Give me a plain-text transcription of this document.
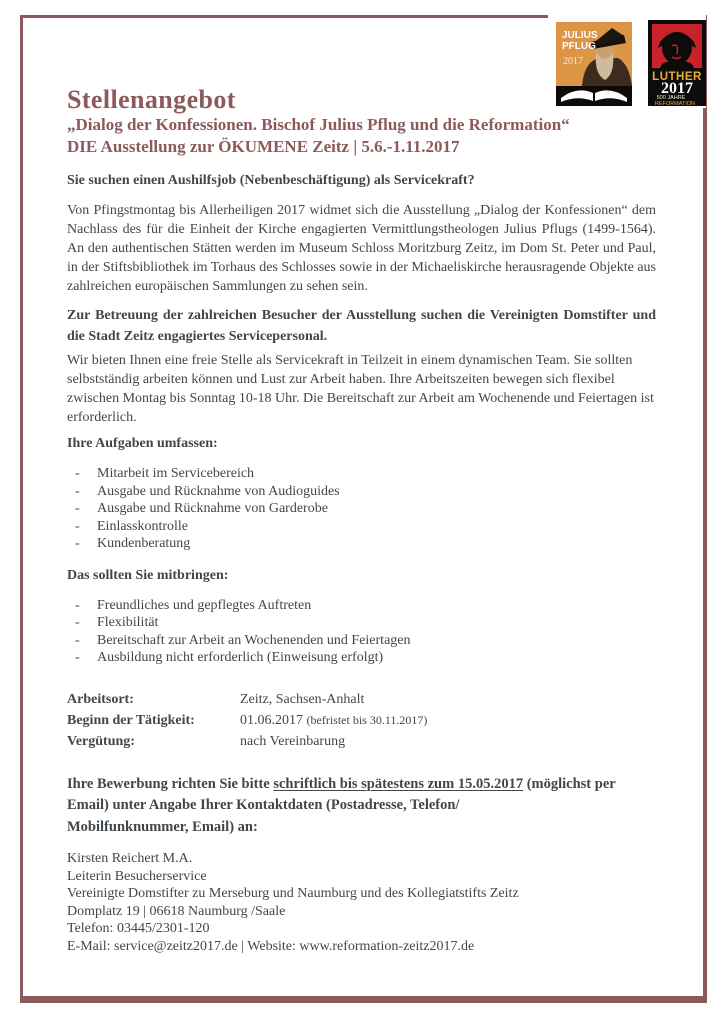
JULIUS
PFLUG
2017
LUTHER
2017
500 JAHRE
REFORMATION
Stellenangebot
„Dialog der Konfessionen. Bischof Julius Pflug und die Reformation“
DIE Ausstellung zur ÖKUMENE Zeitz | 5.6.-1.11.2017

Sie suchen einen Aushilfsjob (Nebenbeschäftigung) als Servicekraft?

Von Pfingstmontag bis Allerheiligen 2017 widmet sich die Ausstellung „Dialog der Konfessionen“ dem Nachlass des für die Einheit der Kirche engagierten Vermittlungstheologen Julius Pflugs (1499-1564). An den authentischen Stätten werden im Museum Schloss Moritzburg Zeitz, im Dom St. Peter und Paul, in der Stiftsbibliothek im Torhaus des Schlosses sowie in der Michaeliskirche herausragende Objekte aus zahlreichen europäischen Sammlungen zu sehen sein.

Zur Betreuung der zahlreichen Besucher der Ausstellung suchen die Vereinigten Domstifter und die Stadt Zeitz engagiertes Servicepersonal.

Wir bieten Ihnen eine freie Stelle als Servicekraft in Teilzeit in einem dynamischen Team. Sie sollten selbstständig arbeiten können und Lust zur Arbeit haben. Ihre Arbeitszeiten bewegen sich flexibel zwischen Montag bis Sonntag 10-18 Uhr. Die Bereitschaft zur Arbeit am Wochenende und Feiertagen ist erforderlich.

Ihre Aufgaben umfassen:
- Mitarbeit im Servicebereich
- Ausgabe und Rücknahme von Audioguides
- Ausgabe und Rücknahme von Garderobe
- Einlasskontrolle
- Kundenberatung
Das sollten Sie mitbringen:
- Freundliches und gepflegtes Auftreten
- Flexibilität
- Bereitschaft zur Arbeit an Wochenenden und Feiertagen
- Ausbildung nicht erforderlich (Einweisung erfolgt)
Arbeitsort:	Zeitz, Sachsen-Anhalt
Beginn der Tätigkeit:	01.06.2017 (befristet bis 30.11.2017)
Vergütung:	nach Vereinbarung

Ihre Bewerbung richten Sie bitte schriftlich bis spätestens zum 15.05.2017 (möglichst per Email) unter Angabe Ihrer Kontaktdaten (Postadresse, Telefon/
Mobilfunknummer, Email) an:

Kirsten Reichert M.A.
Leiterin Besucherservice
Vereinigte Domstifter zu Merseburg und Naumburg und des Kollegiatstifts Zeitz
Domplatz 19 | 06618 Naumburg /Saale
Telefon: 03445/2301-120
E-Mail: service@zeitz2017.de | Website: www.reformation-zeitz2017.de
